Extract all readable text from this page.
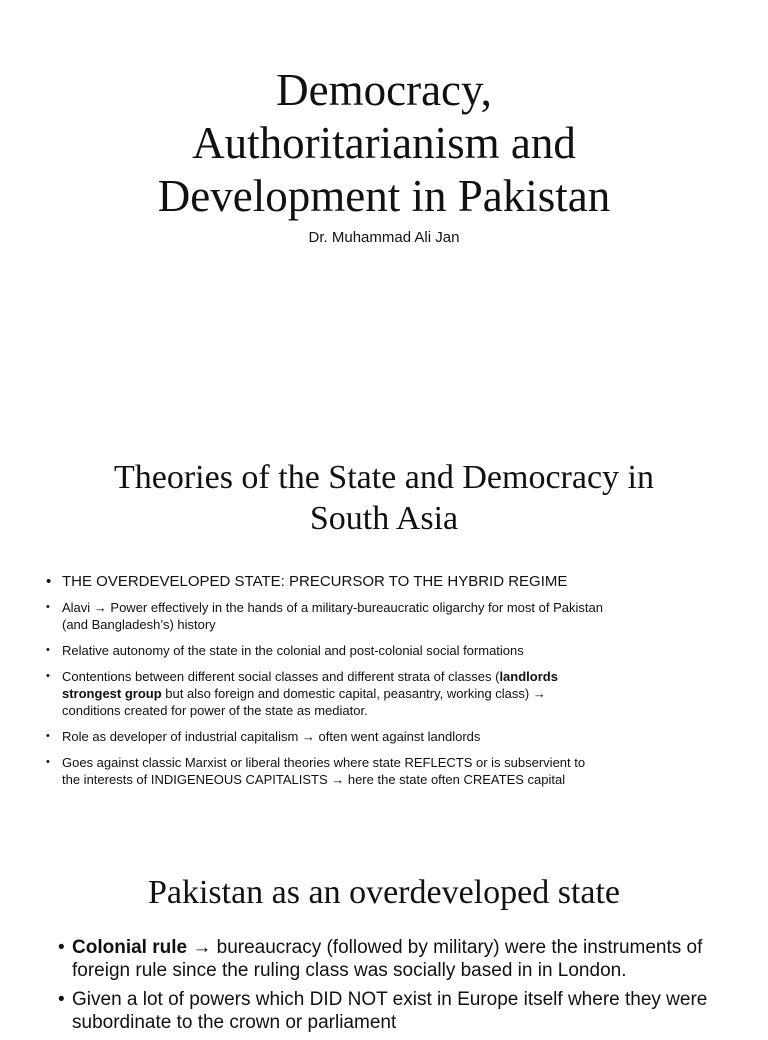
Democracy,
Authoritarianism and
Development in Pakistan

Dr. Muhammad Ali Jan

Theories of the State and Democracy in
South Asia
• THE OVERDEVELOPED STATE: PRECURSOR TO THE HYBRID REGIME
• Alavi → Power effectively in the hands of a military-bureaucratic oligarchy for most of Pakistan (and Bangladesh’s) history
• Relative autonomy of the state in the colonial and post-colonial social formations
• Contentions between different social classes and different strata of classes (landlords strongest group but also foreign and domestic capital, peasantry, working class) → conditions created for power of the state as mediator.
• Role as developer of industrial capitalism → often went against landlords
• Goes against classic Marxist or liberal theories where state REFLECTS or is subservient to the interests of INDIGENEOUS CAPITALISTS → here the state often CREATES capital
Pakistan as an overdeveloped state
• Colonial rule → bureaucracy (followed by military) were the instruments of foreign rule since the ruling class was socially based in in London.
• Given a lot of powers which DID NOT exist in Europe itself where they were subordinate to the crown or parliament
